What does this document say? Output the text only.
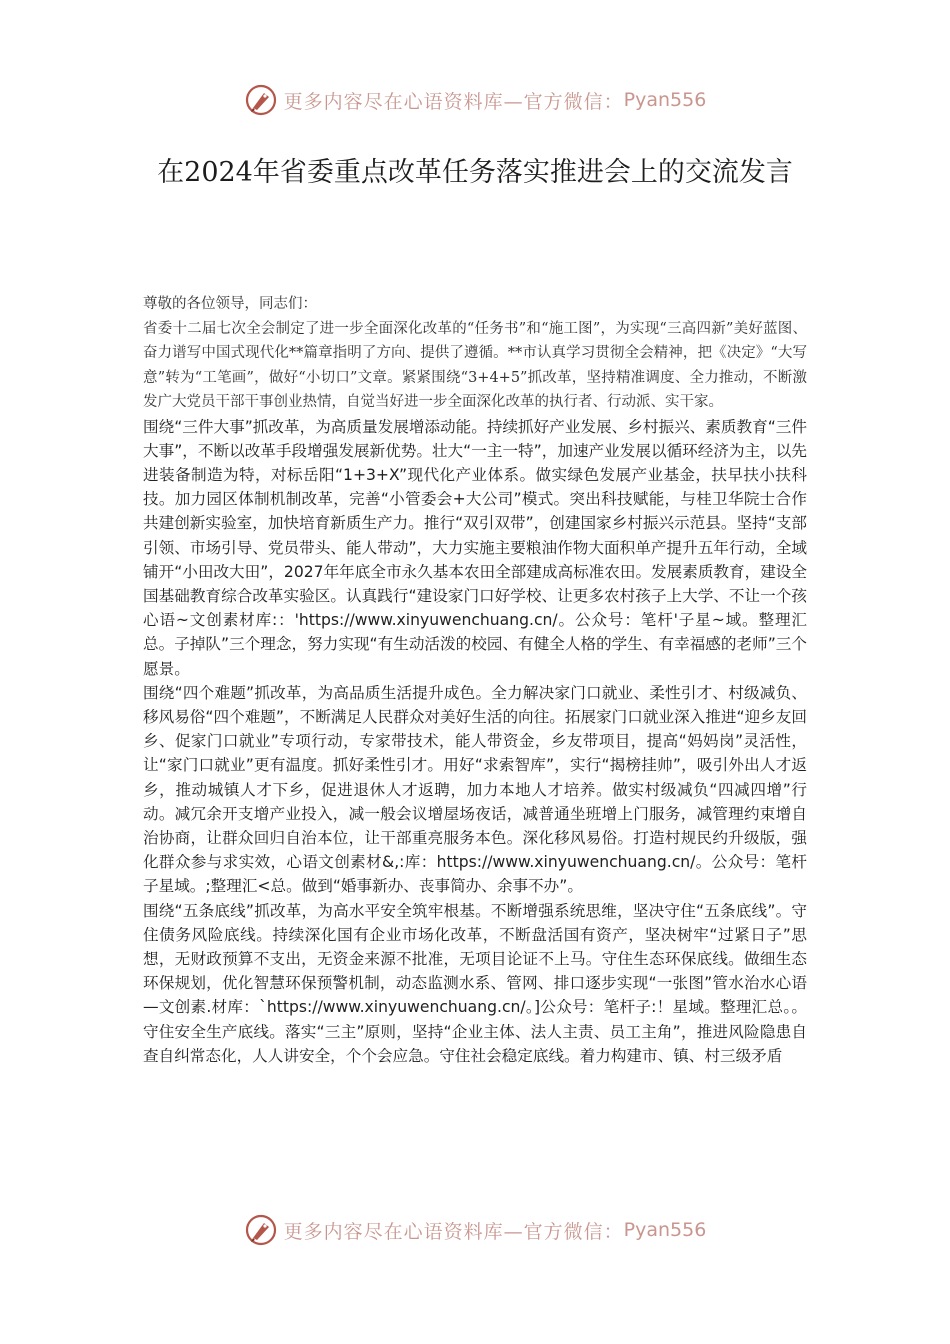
更多内容尽在心语资料库—官方微信： Pyan556
在2024年省委重点改革任务落实推进会上的交流发言

尊敬的各位领导，同志们：

省委十二届七次全会制定了进一步全面深化改革的“任务书”和“施工图”，为实现“三高四新”美好蓝图、奋力谱写中国式现代化**篇章指明了方向、提供了遵循。**市认真学习贯彻全会精神，把《决定》“大写意”转为“工笔画”，做好“小切口”文章。紧紧围绕“3+4+5”抓改革，坚持精准调度、全力推动，不断激发广大党员干部干事创业热情，自觉当好进一步全面深化改革的执行者、行动派、实干家。

围绕“三件大事”抓改革，为高质量发展增添动能。持续抓好产业发展、乡村振兴、素质教育“三件大事”，不断以改革手段增强发展新优势。壮大“一主一特”，加速产业发展以循环经济为主，以先进装备制造为特，对标岳阳“1+3+X”现代化产业体系。做实绿色发展产业基金，扶早扶小扶科技。加力园区体制机制改革，完善“小管委会+大公司”模式。突出科技赋能，与桂卫华院士合作共建创新实验室，加快培育新质生产力。推行“双引双带”，创建国家乡村振兴示范县。坚持“支部引领、市场引导、党员带头、能人带动”，大力实施主要粮油作物大面积单产提升五年行动，全域铺开“小田改大田”，2027年年底全市永久基本农田全部建成高标准农田。发展素质教育，建设全国基础教育综合改革实验区。认真践行“建设家门口好学校、让更多农村孩子上大学、不让一个孩心语~文创素材库:：'https://www.xinyuwenchuang.cn/。公众号：笔杆'子星~域。整理汇总。子掉队”三个理念，努力实现“有生动活泼的校园、有健全人格的学生、有幸福感的老师”三个愿景。

围绕“四个难题”抓改革，为高品质生活提升成色。全力解决家门口就业、柔性引才、村级减负、移风易俗“四个难题”，不断满足人民群众对美好生活的向往。拓展家门口就业深入推进“迎乡友回乡、促家门口就业”专项行动，专家带技术，能人带资金，乡友带项目，提高“妈妈岗”灵活性，让“家门口就业”更有温度。抓好柔性引才。用好“求索智库”，实行“揭榜挂帅”，吸引外出人才返乡，推动城镇人才下乡，促进退休人才返聘，加力本地人才培养。做实村级减负“四减四增”行动。减冗余开支增产业投入，减一般会议增屋场夜话，减普通坐班增上门服务，减管理约束增自治协商，让群众回归自治本位，让干部重亮服务本色。深化移风易俗。打造村规民约升级版，强化群众参与求实效，心语文创素材&,:库：https://www.xinyuwenchuang.cn/。公众号：笔杆子星域。;整理汇<总。做到“婚事新办、丧事简办、余事不办”。

围绕“五条底线”抓改革，为高水平安全筑牢根基。不断增强系统思维，坚决守住“五条底线”。守住债务风险底线。持续深化国有企业市场化改革，不断盘活国有资产，坚决树牢“过紧日子”思想，无财政预算不支出，无资金来源不批准，无项目论证不上马。守住生态环保底线。做细生态环保规划，优化智慧环保预警机制，动态监测水系、管网、排口逐步实现“一张图”管水治水心语—文创素.材库：`https://www.xinyuwenchuang.cn/。]公众号：笔杆子:！星域。整理汇总。。守住安全生产底线。落实“三主”原则，坚持“企业主体、法人主责、员工主角”，推进风险隐患自查自纠常态化，人人讲安全，个个会应急。守住社会稳定底线。着力构建市、镇、村三级矛盾

更多内容尽在心语资料库—官方微信： Pyan556
